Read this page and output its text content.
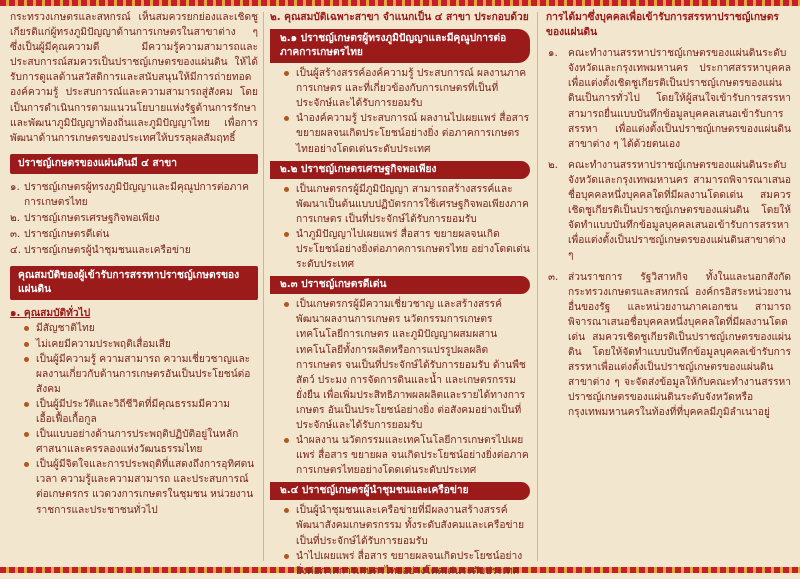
กระทรวงเกษตรและสหกรณ์ เห็นสมควรยกย่องและเชิดชูเกียรติแก่ผู้ทรงภูมิปัญญาด้านการเกษตรในสาขาต่าง ๆ ซึ่งเป็นผู้มีคุณความดี มีความรู้ความสามารถและประสบการณ์สมควรเป็นปราชญ์เกษตรของแผ่นดิน ให้ได้รับการดูแลด้านสวัสดิการและสนับสนุนให้มีการถ่ายทอดองค์ความรู้ ประสบการณ์และความสามารถสู่สังคม โดยเป็นการดำเนินการตามแนวนโยบายแห่งรัฐด้านการรักษาและพัฒนาภูมิปัญญาท้องถิ่นและภูมิปัญญาไทย เพื่อการพัฒนาด้านการเกษตรของประเทศให้บรรลุผลสัมฤทธิ์

ปราชญ์เกษตรของแผ่นดินมี ๔ สาขา

๑. ปราชญ์เกษตรผู้ทรงภูมิปัญญาและมีคุณูปการต่อภาคการเกษตรไทย

๒. ปราชญ์เกษตรเศรษฐกิจพอเพียง

๓. ปราชญ์เกษตรดีเด่น

๔. ปราชญ์เกษตรผู้นำชุมชนและเครือข่าย

คุณสมบัติของผู้เข้ารับการสรรหาปราชญ์เกษตรของแผ่นดิน

๑. คุณสมบัติทั่วไป

มีสัญชาติไทย
ไม่เคยมีความประพฤติเสื่อมเสีย
เป็นผู้มีความรู้ ความสามารถ ความเชี่ยวชาญและผลงานเกี่ยวกับด้านการเกษตรอันเป็นประโยชน์ต่อสังคม
เป็นผู้มีประวัติและวิถีชีวิตที่มีคุณธรรมมีความเอื้อเฟื้อเกื้อกูล
เป็นแบบอย่างด้านการประพฤติปฏิบัติอยู่ในหลักศาสนาและครรลองแห่งวัฒนธรรมไทย
เป็นผู้มีจิตใจและการประพฤติที่แสดงถึงการอุทิศตน เวลา ความรู้และความสามารถ และประสบการณ์ต่อเกษตรกร แวดวงการเกษตรในชุมชน หน่วยงานราชการและประชาชนทั่วไป

๒. คุณสมบัติเฉพาะสาขา จำแนกเป็น ๔ สาขา ประกอบด้วย

๒.๑ ปราชญ์เกษตรผู้ทรงภูมิปัญญาและมีคุณูปการต่อภาคการเกษตรไทย
เป็นผู้สร้างสรรค์องค์ความรู้ ประสบการณ์ ผลงานภาคการเกษตร และที่เกี่ยวข้องกับการเกษตรที่เป็นที่ประจักษ์และได้รับการยอมรับ
นำองค์ความรู้ ประสบการณ์ ผลงานไปเผยแพร่ สื่อสาร ขยายผลจนเกิดประโยชน์อย่างยิ่ง ต่อภาคการเกษตรไทยอย่างโดดเด่นระดับประเทศ
๒.๒ ปราชญ์เกษตรเศรษฐกิจพอเพียง
เป็นเกษตรกรผู้มีภูมิปัญญา สามารถสร้างสรรค์และพัฒนาเป็นต้นแบบปฏิบัตรการใช้เศรษฐกิจพอเพียงภาคการเกษตร เป็นที่ประจักษ์ได้รับการยอมรับ
นำภูมิปัญญาไปเผยแพร่ สื่อสาร ขยายผลจนเกิดประโยชน์อย่างยิ่งต่อภาคการเกษตรไทย อย่างโดดเด่นระดับประเทศ
๒.๓ ปราชญ์เกษตรดีเด่น
เป็นเกษตรกรผู้มีความเชี่ยวชาญ และสร้างสรรค์พัฒนาผลงานการเกษตร นวัตกรรมการเกษตรเทคโนโลยีการเกษตร และภูมิปัญญาผสมผสานเทคโนโลยีทั้งการผลิตหรือการแปรรูปผลผลิตการเกษตร จนเป็นที่ประจักษ์ได้รับการยอมรับ ด้านพืช สัตว์ ประมง การจัดการดินและน้ำ และเกษตรกรรมยั่งยืน เพื่อเพิ่มประสิทธิภาพผลผลิตและรายได้ทางการเกษตร อันเป็นประโยชน์อย่างยิ่ง ต่อสังคมอย่างเป็นที่ประจักษ์และได้รับการยอมรับ
นำผลงาน นวัตกรรมและเทคโนโลยีการเกษตรไปเผยแพร่ สื่อสาร ขยายผล จนเกิดประโยชน์อย่างยิ่งต่อภาคการเกษตรไทยอย่างโดดเด่นระดับประเทศ
๒.๔ ปราชญ์เกษตรผู้นำชุมชนและเครือข่าย
เป็นผู้นำชุมชนและเครือข่ายที่มีผลงานสร้างสรรค์พัฒนาสังคมเกษตรกรรม ทั้งระดับสังคมและเครือข่ายเป็นที่ประจักษ์ได้รับการยอมรับ
นำไปเผยแพร่ สื่อสาร ขยายผลจนเกิดประโยชน์อย่างยิ่งต่อภาคการเกษตรไทยอย่างโดดเด่นระดับประเทศ

การได้มาซึ่งบุคคลเพื่อเข้ารับการสรรหาปราชญ์เกษตรของแผ่นดิน

๑. คณะทำงานสรรหาปราชญ์เกษตรของแผ่นดินระดับจังหวัดและกรุงเทพมหานคร ประกาศสรรหาบุคคลเพื่อแต่งตั้งเชิดชูเกียรติเป็นปราชญ์เกษตรของแผ่นดินเป็นการทั่วไป โดยให้ผู้สนใจเข้ารับการสรรหาสามารถยื่นแบบบันทึกข้อมูลบุคคลเสนอเข้ารับการสรรหา เพื่อแต่งตั้งเป็นปราชญ์เกษตรของแผ่นดินสาขาต่าง ๆ ได้ด้วยตนเอง

๒. คณะทำงานสรรหาปราชญ์เกษตรของแผ่นดินระดับจังหวัดและกรุงเทพมหานคร สามารถพิจารณาเสนอชื่อบุคคลหนึ่งบุคคลใดที่มีผลงานโดดเด่น สมควรเชิดชูเกียรติเป็นปราชญ์เกษตรของแผ่นดิน โดยให้จัดทำแบบบันทึกข้อมูลบุคคลเสนอเข้ารับการสรรหา เพื่อแต่งตั้งเป็นปราชญ์เกษตรของแผ่นดินสาขาต่าง ๆ

๓. ส่วนราชการ รัฐวิสาหกิจ ทั้งในและนอกสังกัดกระทรวงเกษตรและสหกรณ์ องค์กรอิสระหน่วยงานอื่นของรัฐ และหน่วยงานภาคเอกชน สามารถพิจารณาเสนอชื่อบุคคลหนึ่งบุคคลใดที่มีผลงานโดดเด่น สมควรเชิดชูเกียรติเป็นปราชญ์เกษตรของแผ่นดิน โดยให้จัดทำแบบบันทึกข้อมูลบุคคลเข้ารับการสรรหาเพื่อแต่งตั้งเป็นปราชญ์เกษตรของแผ่นดินสาขาต่าง ๆ จะจัดส่งข้อมูลให้กับคณะทำงานสรรหาปราชญ์เกษตรของแผ่นดินระดับจังหวัดหรือกรุงเทพมหานครในท้องที่ที่บุคคลมีภูมิลำเนาอยู่
